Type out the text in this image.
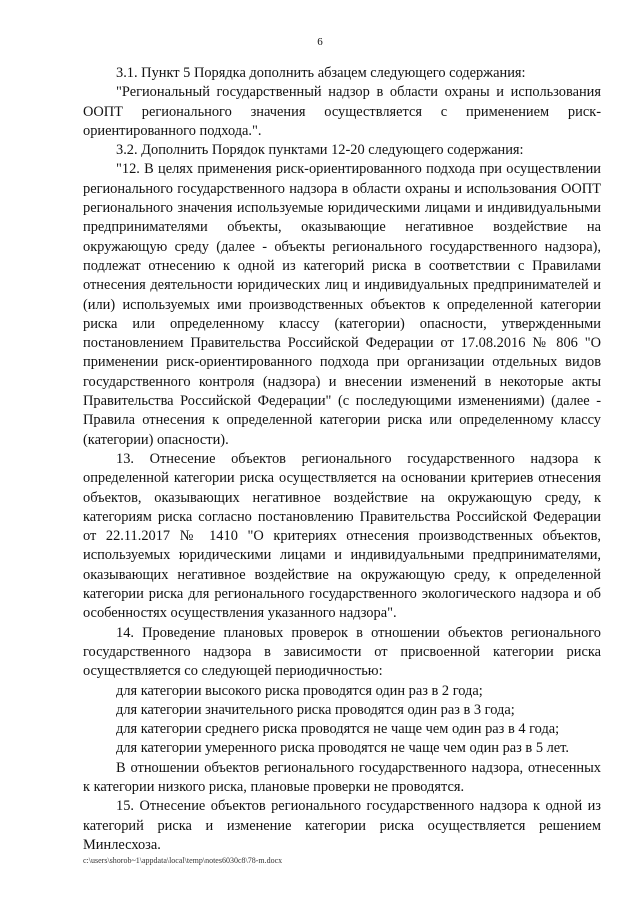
6

3.1. Пункт 5 Порядка дополнить абзацем следующего содержания:

"Региональный государственный надзор в области охраны и использования ООПТ регионального значения осуществляется с применением риск-ориентированного подхода.".

3.2. Дополнить Порядок пунктами 12-20 следующего содержания:

"12. В целях применения риск-ориентированного подхода при осуществлении регионального государственного надзора в области охраны и использования ООПТ регионального значения используемые юридическими лицами и индивидуальными предпринимателями объекты, оказывающие негативное воздействие на окружающую среду (далее - объекты регионального государственного надзора), подлежат отнесению к одной из категорий риска в соответствии с Правилами отнесения деятельности юридических лиц и индивидуальных предпринимателей и (или) используемых ими производственных объектов к определенной категории риска или определенному классу (категории) опасности, утвержденными постановлением Правительства Российской Федерации от 17.08.2016 № 806 "О применении риск-ориентированного подхода при организации отдельных видов государственного контроля (надзора) и внесении изменений в некоторые акты Правительства Российской Федерации" (с последующими изменениями) (далее - Правила отнесения к определенной категории риска или определенному классу (категории) опасности).

13. Отнесение объектов регионального государственного надзора к определенной категории риска осуществляется на основании критериев отнесения объектов, оказывающих негативное воздействие на окружающую среду, к категориям риска согласно постановлению Правительства Российской Федерации от 22.11.2017 № 1410 "О критериях отнесения производственных объектов, используемых юридическими лицами и индивидуальными предпринимателями, оказывающих негативное воздействие на окружающую среду, к определенной категории риска для регионального государственного экологического надзора и об особенностях осуществления указанного надзора".

14. Проведение плановых проверок в отношении объектов регионального государственного надзора в зависимости от присвоенной категории риска осуществляется со следующей периодичностью:

для категории высокого риска проводятся один раз в 2 года;

для категории значительного риска проводятся один раз в 3 года;

для категории среднего риска проводятся не чаще чем один раз в 4 года;

для категории умеренного риска проводятся не чаще чем один раз в 5 лет.

В отношении объектов регионального государственного надзора, отнесенных к категории низкого риска, плановые проверки не проводятся.

15. Отнесение объектов регионального государственного надзора к одной из категорий риска и изменение категории риска осуществляется решением Минлесхоза.

c:\users\shorob~1\appdata\local\temp\notes6030c8\78-m.docx
